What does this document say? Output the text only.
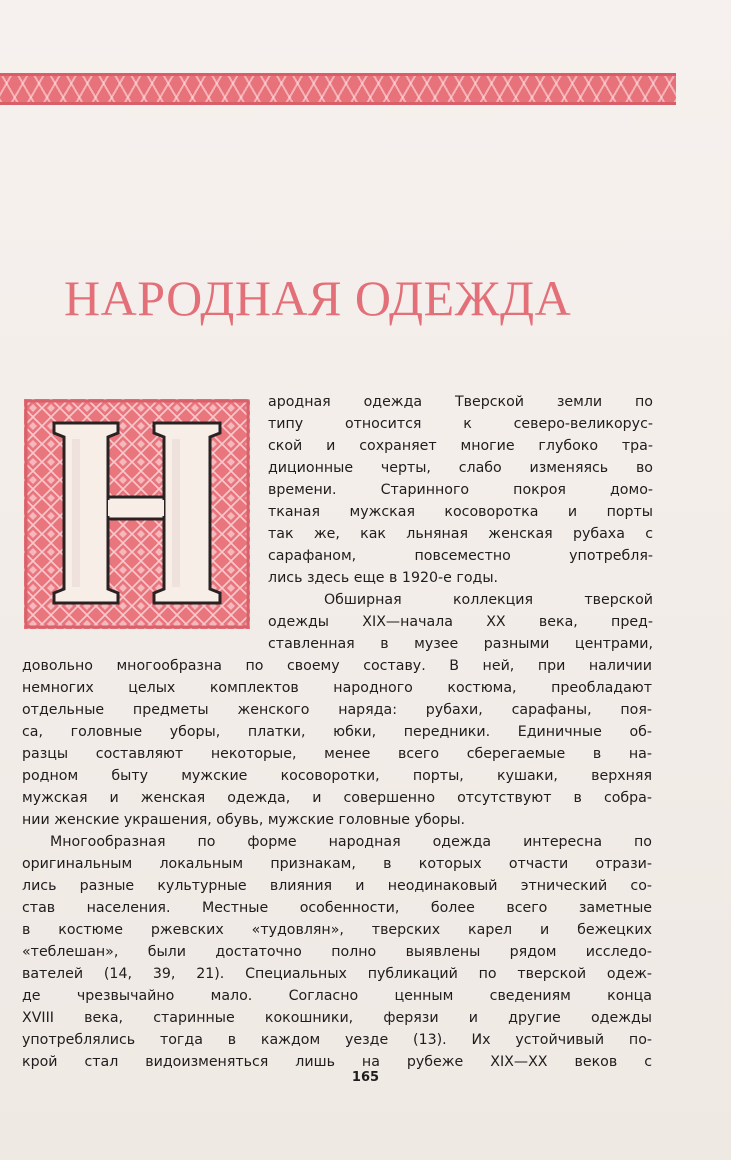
НАРОДНАЯ ОДЕЖДА
ародная одежда Тверской земли по
типу относится к северо-великорус-
ской и сохраняет многие глубоко тра-
диционные черты, слабо изменяясь во
времени. Старинного покроя домо-
тканая мужская косоворотка и порты
так же, как льняная женская рубаха с
сарафаном, повсеместно употребля-
лись здесь еще в 1920-е годы.
Обширная коллекция тверской
одежды XIX—начала XX века, пред-
ставленная в музее разными центрами,
довольно многообразна по своему составу. В ней, при наличии
немногих целых комплектов народного костюма, преобладают
отдельные предметы женского наряда: рубахи, сарафаны, поя-
са, головные уборы, платки, юбки, передники. Единичные об-
разцы составляют некоторые, менее всего сберегаемые в на-
родном быту мужские косоворотки, порты, кушаки, верхняя
мужская и женская одежда, и совершенно отсутствуют в собра-
нии женские украшения, обувь, мужские головные уборы.
Многообразная по форме народная одежда интересна по
оригинальным локальным признакам, в которых отчасти отрази-
лись разные культурные влияния и неодинаковый этнический со-
став населения. Местные особенности, более всего заметные
в костюме ржевских «тудовлян», тверских карел и бежецких
«теблешан», были достаточно полно выявлены рядом исследо-
вателей (14, 39, 21). Специальных публикаций по тверской одеж-
де чрезвычайно мало. Согласно ценным сведениям конца
XVIII века, старинные кокошники, ферязи и другие одежды
употреблялись тогда в каждом уезде (13). Их устойчивый по-
крой стал видоизменяться лишь на рубеже XIX—XX веков с
165
